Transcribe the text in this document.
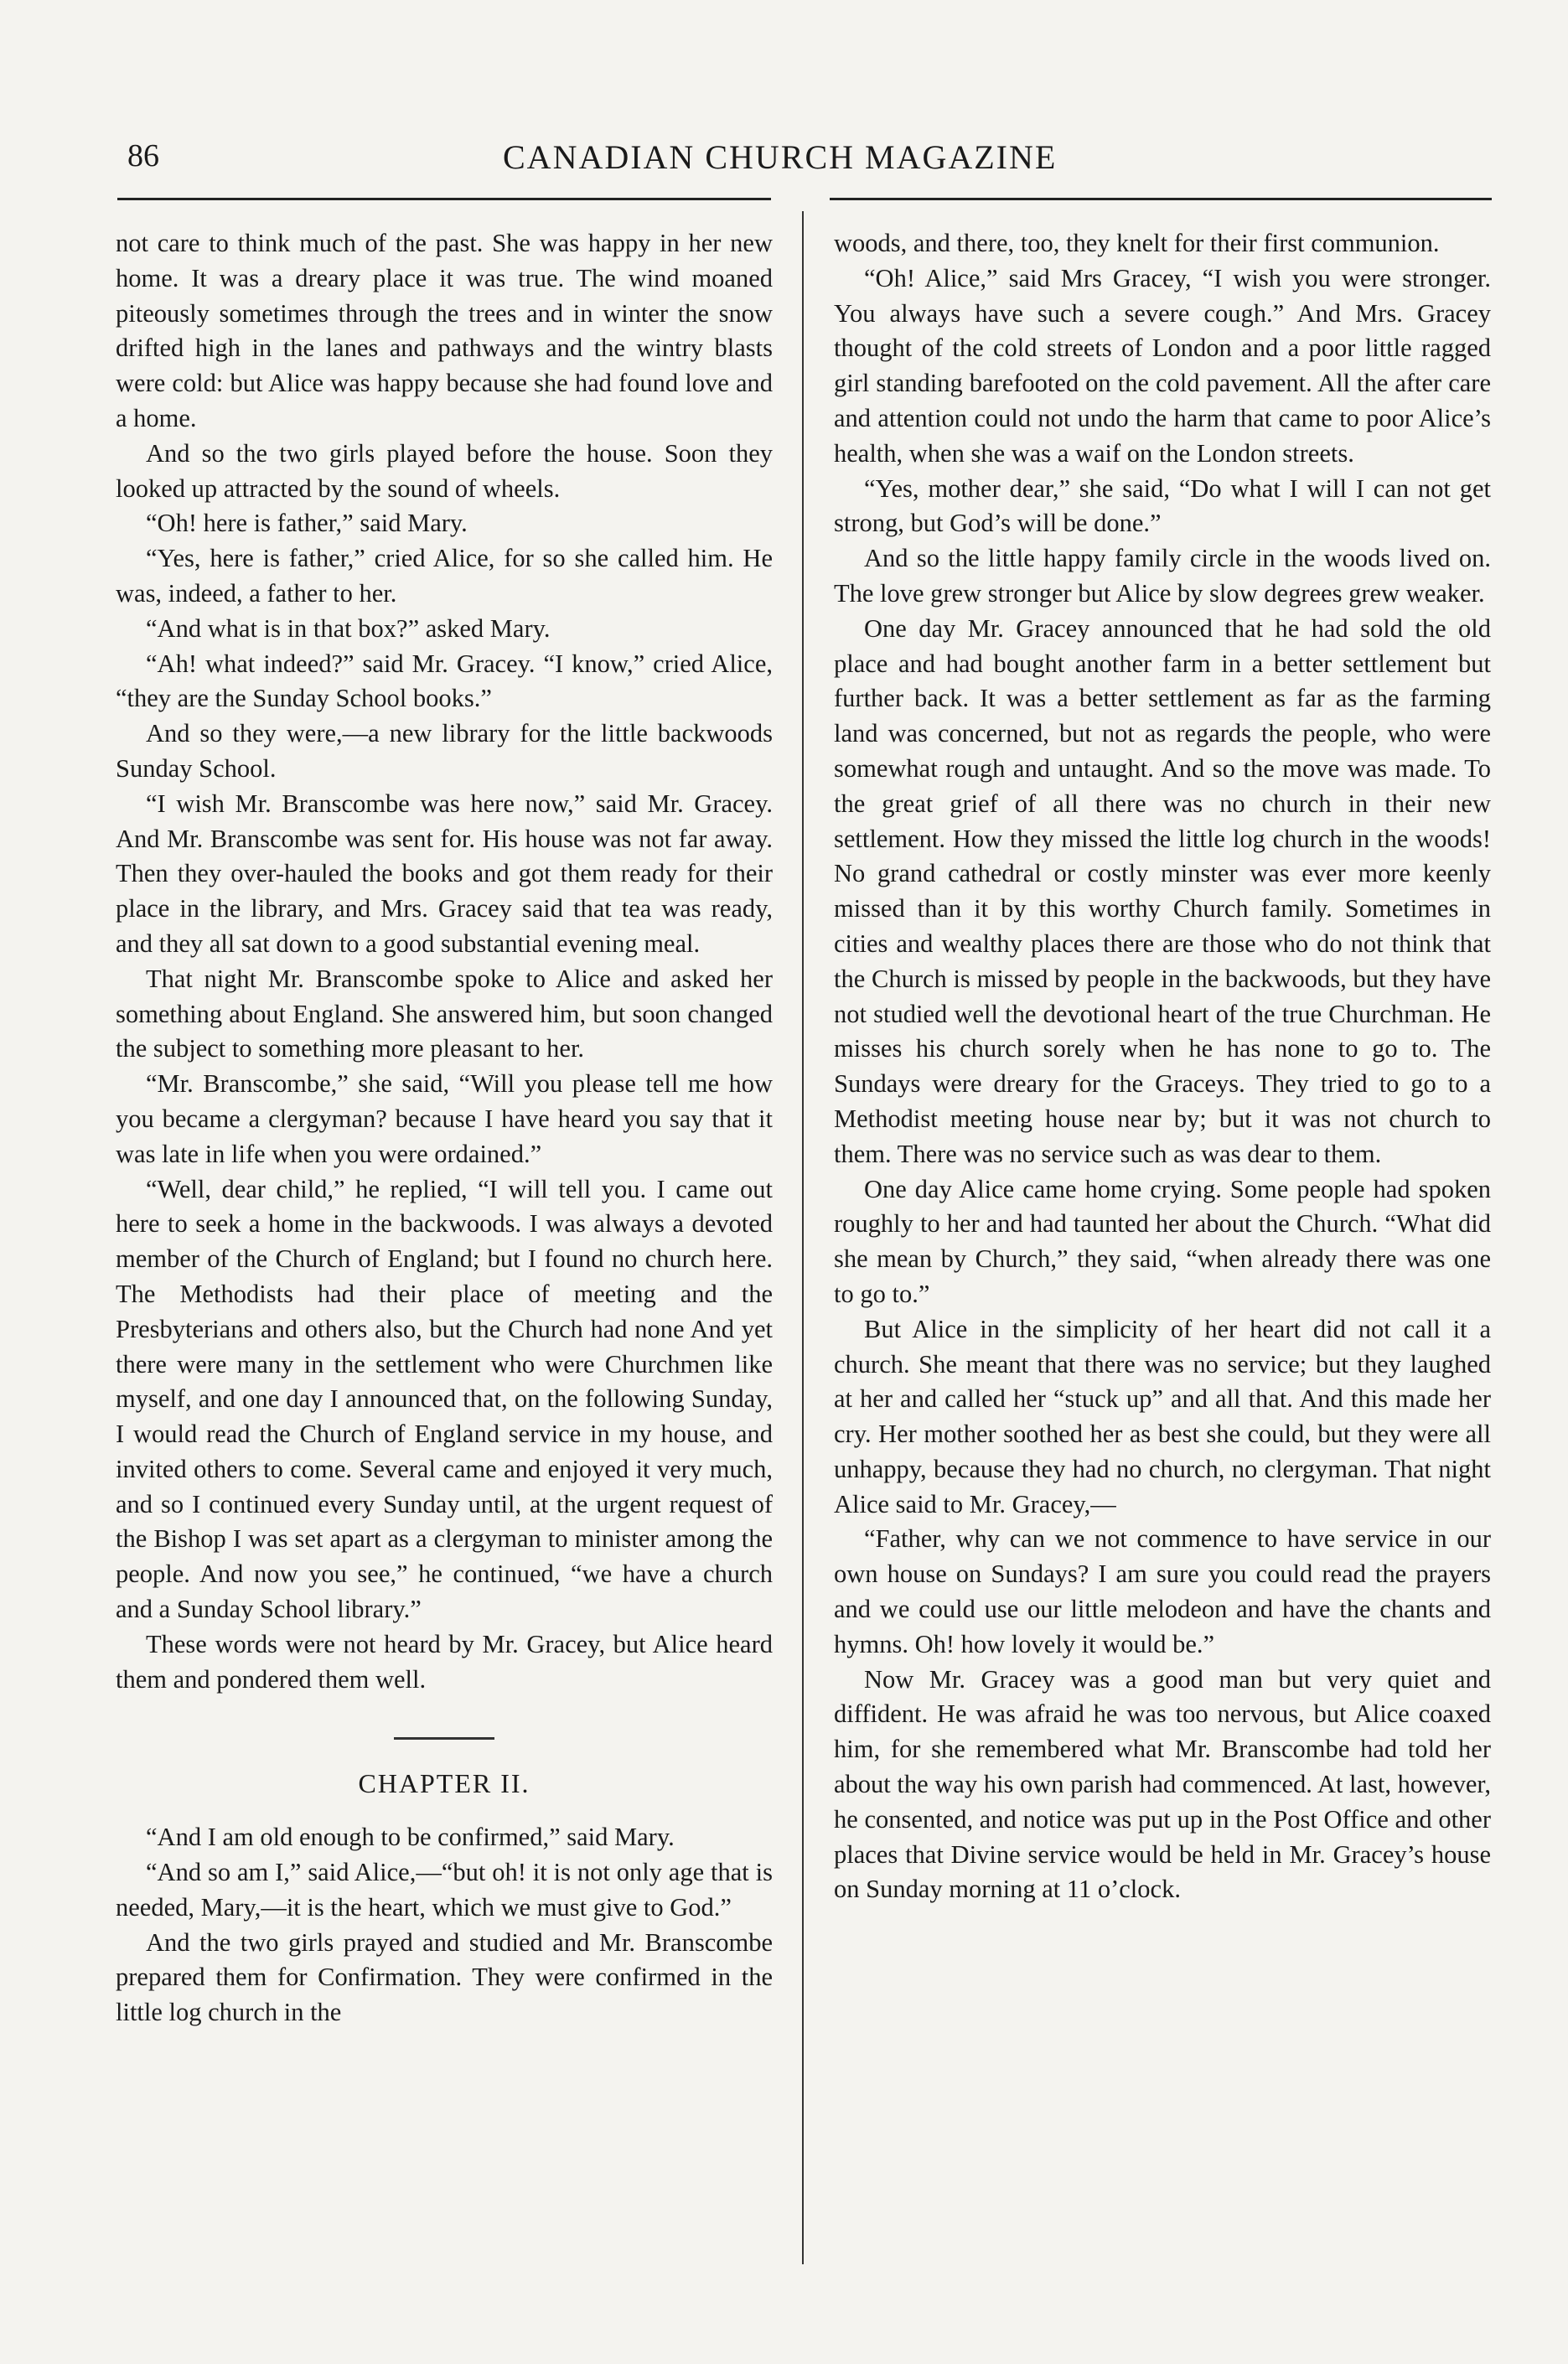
86	CANADIAN CHURCH MAGAZINE

not care to think much of the past. She was happy in her new home. It was a dreary place it was true. The wind moaned piteously sometimes through the trees and in winter the snow drifted high in the lanes and pathways and the wintry blasts were cold: but Alice was happy because she had found love and a home.

And so the two girls played before the house. Soon they looked up attracted by the sound of wheels.

“Oh! here is father,” said Mary.

“Yes, here is father,” cried Alice, for so she called him. He was, indeed, a father to her.

“And what is in that box?” asked Mary.

“Ah! what indeed?” said Mr. Gracey. “I know,” cried Alice, “they are the Sunday School books.”

And so they were,—a new library for the little backwoods Sunday School.

“I wish Mr. Branscombe was here now,” said Mr. Gracey. And Mr. Branscombe was sent for. His house was not far away. Then they over-hauled the books and got them ready for their place in the library, and Mrs. Gracey said that tea was ready, and they all sat down to a good substantial evening meal.

That night Mr. Branscombe spoke to Alice and asked her something about England. She answered him, but soon changed the subject to something more pleasant to her.

“Mr. Branscombe,” she said, “Will you please tell me how you became a clergyman? because I have heard you say that it was late in life when you were ordained.”

“Well, dear child,” he replied, “I will tell you. I came out here to seek a home in the backwoods. I was always a devoted member of the Church of England; but I found no church here. The Methodists had their place of meeting and the Presbyterians and others also, but the Church had none And yet there were many in the settlement who were Churchmen like myself, and one day I announced that, on the following Sunday, I would read the Church of England service in my house, and invited others to come. Several came and enjoyed it very much, and so I continued every Sunday until, at the urgent request of the Bishop I was set apart as a clergyman to minister among the people. And now you see,” he continued, “we have a church and a Sunday School library.”

These words were not heard by Mr. Gracey, but Alice heard them and pondered them well.

CHAPTER II.

“And I am old enough to be confirmed,” said Mary.

“And so am I,” said Alice,—“but oh! it is not only age that is needed, Mary,—it is the heart, which we must give to God.”

And the two girls prayed and studied and Mr. Branscombe prepared them for Confirmation. They were confirmed in the little log church in the

woods, and there, too, they knelt for their first communion.

“Oh! Alice,” said Mrs Gracey, “I wish you were stronger. You always have such a severe cough.” And Mrs. Gracey thought of the cold streets of London and a poor little ragged girl standing barefooted on the cold pavement. All the after care and attention could not undo the harm that came to poor Alice’s health, when she was a waif on the London streets.

“Yes, mother dear,” she said, “Do what I will I can not get strong, but God’s will be done.”

And so the little happy family circle in the woods lived on. The love grew stronger but Alice by slow degrees grew weaker.

One day Mr. Gracey announced that he had sold the old place and had bought another farm in a better settlement but further back. It was a better settlement as far as the farming land was concerned, but not as regards the people, who were somewhat rough and untaught. And so the move was made. To the great grief of all there was no church in their new settlement. How they missed the little log church in the woods! No grand cathedral or costly minster was ever more keenly missed than it by this worthy Church family. Sometimes in cities and wealthy places there are those who do not think that the Church is missed by people in the backwoods, but they have not studied well the devotional heart of the true Churchman. He misses his church sorely when he has none to go to. The Sundays were dreary for the Graceys. They tried to go to a Methodist meeting house near by; but it was not church to them. There was no service such as was dear to them.

One day Alice came home crying. Some people had spoken roughly to her and had taunted her about the Church. “What did she mean by Church,” they said, “when already there was one to go to.”

But Alice in the simplicity of her heart did not call it a church. She meant that there was no service; but they laughed at her and called her “stuck up” and all that. And this made her cry. Her mother soothed her as best she could, but they were all unhappy, because they had no church, no clergyman. That night Alice said to Mr. Gracey,—

“Father, why can we not commence to have service in our own house on Sundays? I am sure you could read the prayers and we could use our little melodeon and have the chants and hymns. Oh! how lovely it would be.”

Now Mr. Gracey was a good man but very quiet and diffident. He was afraid he was too nervous, but Alice coaxed him, for she remembered what Mr. Branscombe had told her about the way his own parish had commenced. At last, however, he consented, and notice was put up in the Post Office and other places that Divine service would be held in Mr. Gracey’s house on Sunday morning at 11 o’clock.
